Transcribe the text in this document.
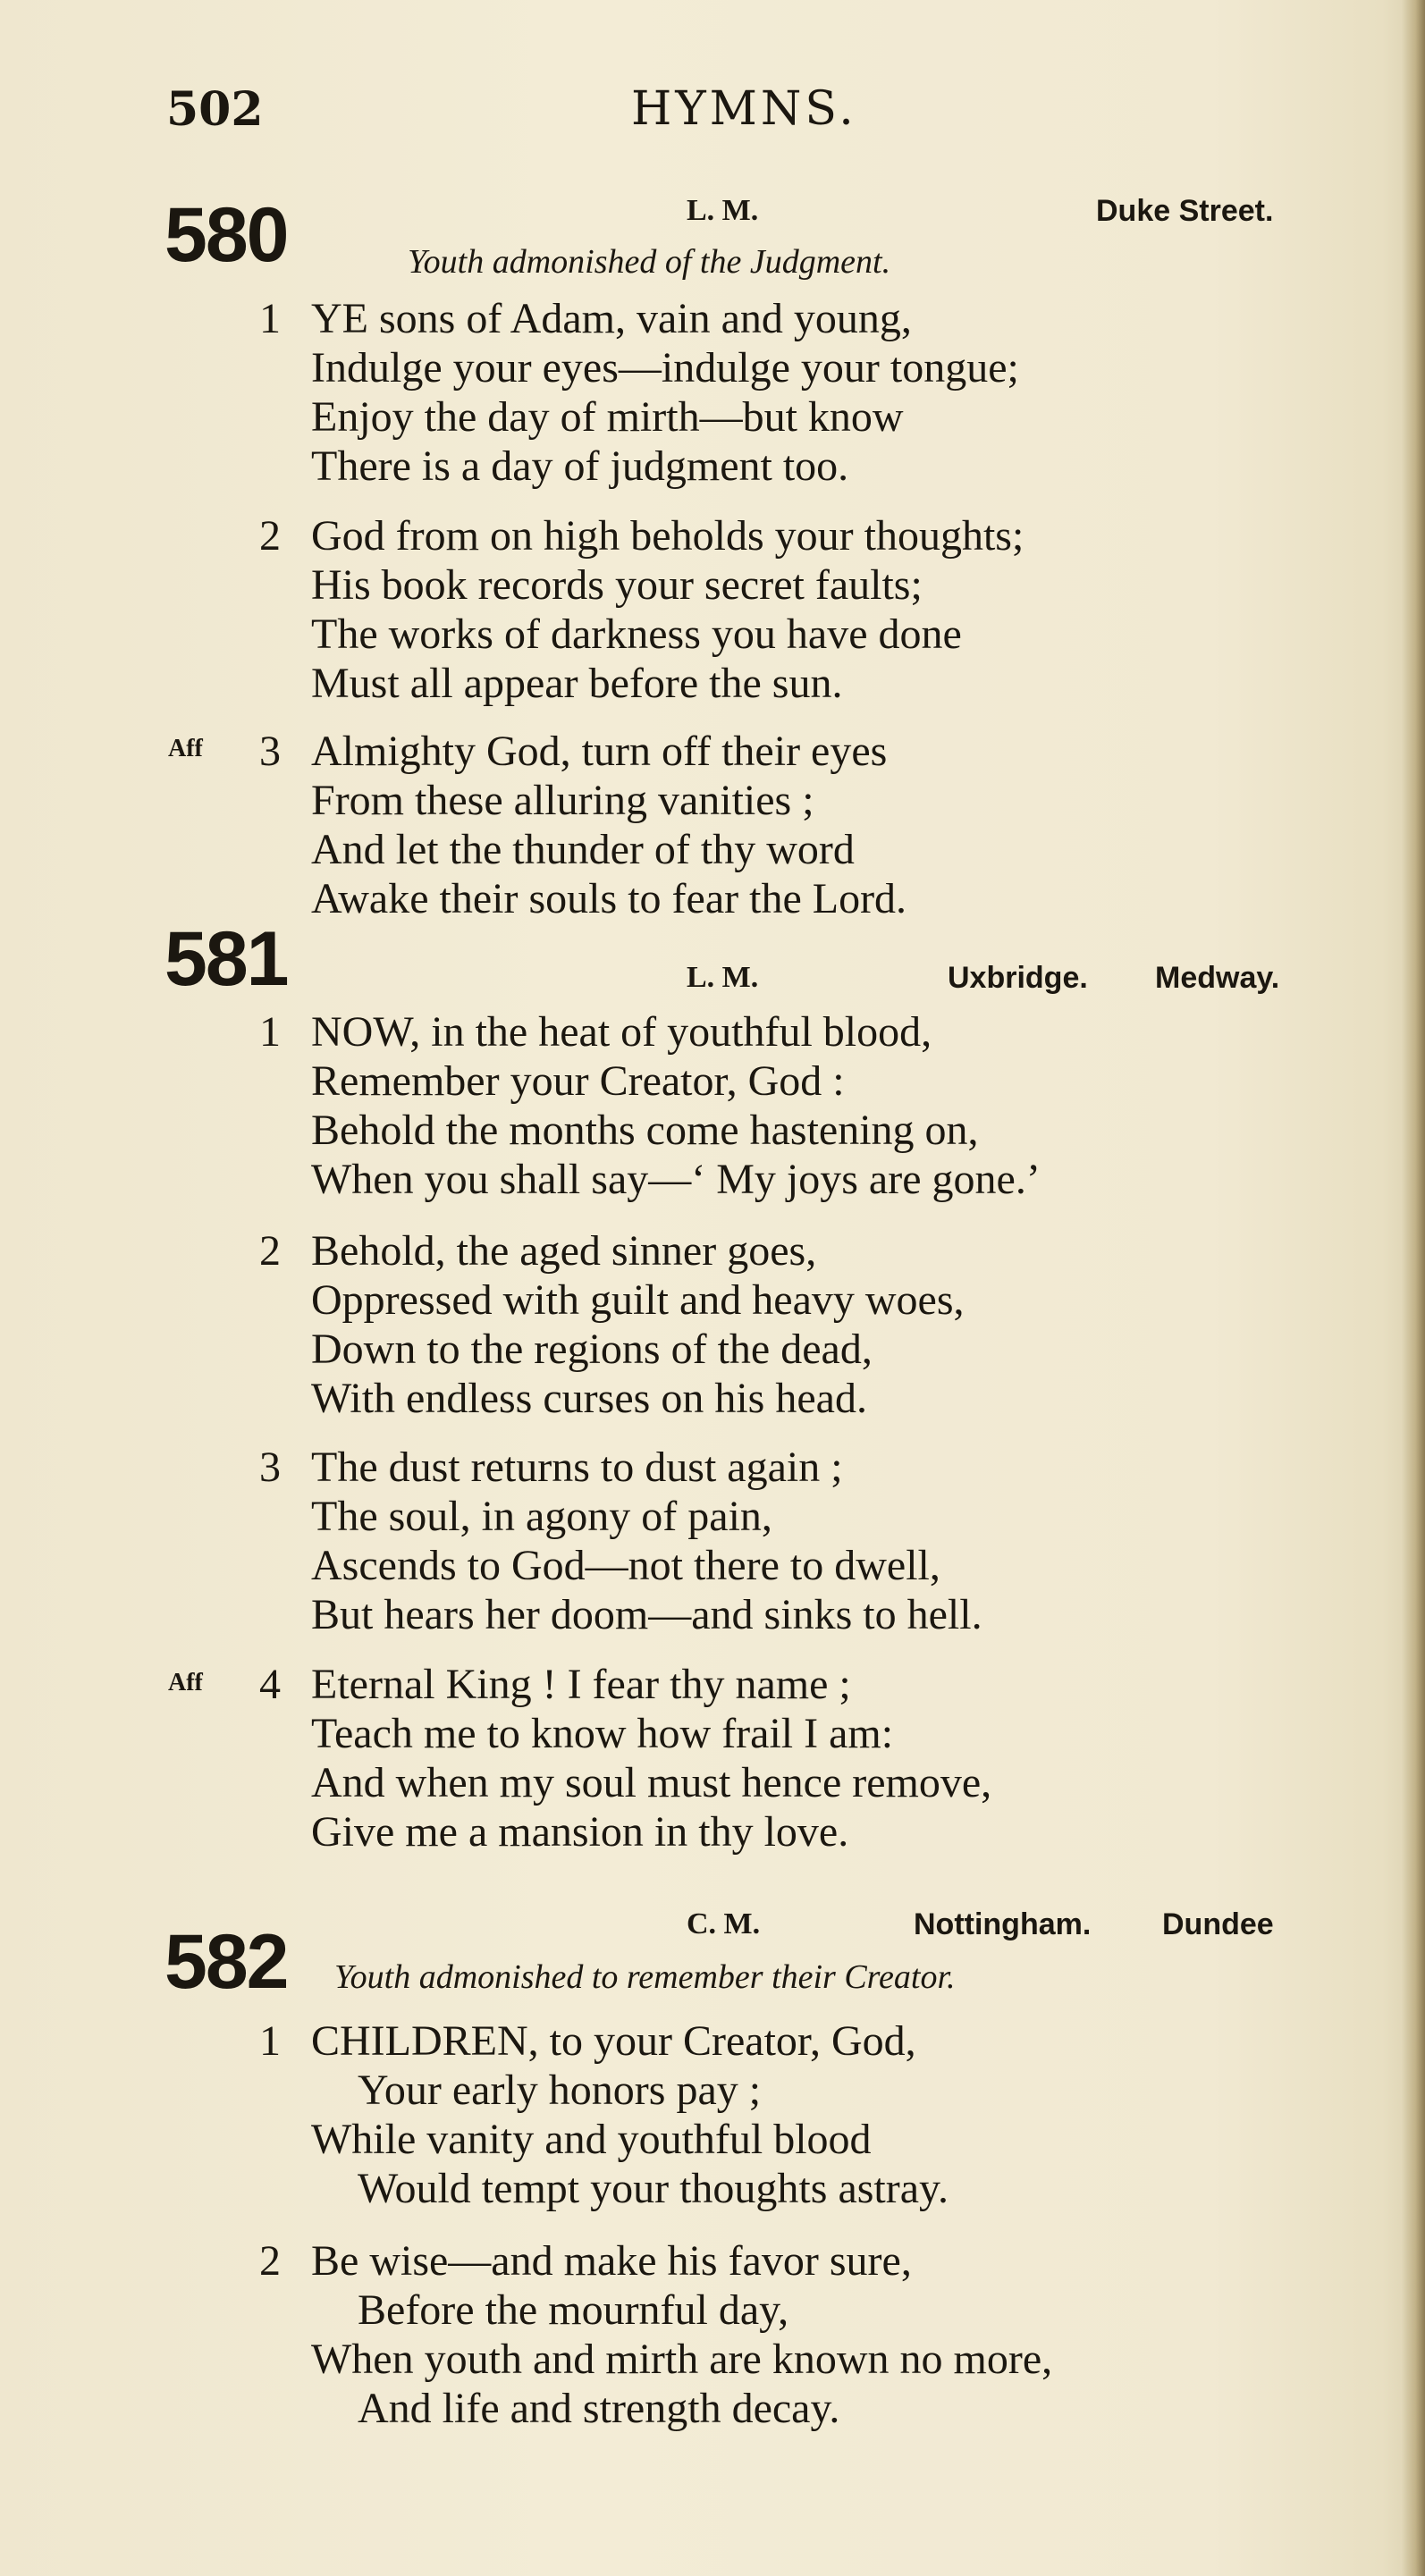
502	HYMNS.
580	L. M.	Duke Street.
Youth admonished of the Judgment.
1 YE sons of Adam, vain and young,
Indulge your eyes—indulge your tongue;
Enjoy the day of mirth—but know
There is a day of judgment too.
2 God from on high beholds your thoughts;
His book records your secret faults;
The works of darkness you have done
Must all appear before the sun.
Aff 3 Almighty God, turn off their eyes
From these alluring vanities ;
And let the thunder of thy word
Awake their souls to fear the Lord.
581	L. M.	Uxbridge. Medway.
1 NOW, in the heat of youthful blood,
Remember your Creator, God :
Behold the months come hastening on,
When you shall say—‘ My joys are gone.’
2 Behold, the aged sinner goes,
Oppressed with guilt and heavy woes,
Down to the regions of the dead,
With endless curses on his head.
3 The dust returns to dust again ;
The soul, in agony of pain,
Ascends to God—not there to dwell,
But hears her doom—and sinks to hell.
Aff 4 Eternal King ! I fear thy name ;
Teach me to know how frail I am:
And when my soul must hence remove,
Give me a mansion in thy love.
C. M.	Nottingham. Dundee
582 Youth admonished to remember their Creator.
1 CHILDREN, to your Creator, God,
Your early honors pay ;
While vanity and youthful blood
Would tempt your thoughts astray.
2 Be wise—and make his favor sure,
Before the mournful day,
When youth and mirth are known no more,
And life and strength decay.
